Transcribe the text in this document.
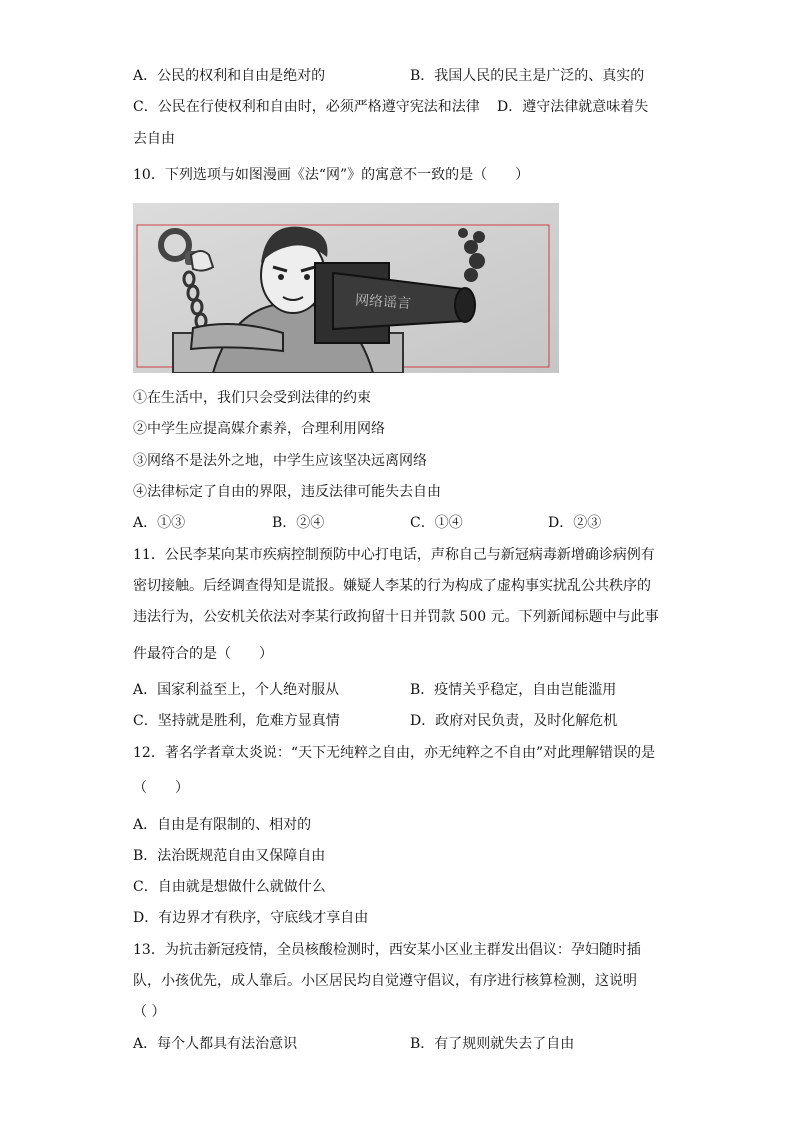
A．公民的权利和自由是绝对的	B．我国人民的民主是广泛的、真实的
C．公民在行使权利和自由时，必须严格遵守宪法和法律 D．遵守法律就意味着失
去自由
10．下列选项与如图漫画《法“网”》的寓意不一致的是（　　）
网络谣言
①在生活中，我们只会受到法律的约束
②中学生应提高媒介素养，合理利用网络
③网络不是法外之地，中学生应该坚决远离网络
④法律标定了自由的界限，违反法律可能失去自由
A．①③	B．②④	C．①④	D．②③
11．公民李某向某市疾病控制预防中心打电话，声称自己与新冠病毒新增确诊病例有
密切接触。后经调查得知是谎报。嫌疑人李某的行为构成了虚构事实扰乱公共秩序的
违法行为，公安机关依法对李某行政拘留十日并罚款 500 元。下列新闻标题中与此事
件最符合的是（　　）
A．国家利益至上，个人绝对服从	B．疫情关乎稳定，自由岂能滥用
C．坚持就是胜利，危难方显真情	D．政府对民负责，及时化解危机
12．著名学者章太炎说：“天下无纯粹之自由，亦无纯粹之不自由”对此理解错误的是
（　　）
A．自由是有限制的、相对的
B．法治既规范自由又保障自由
C．自由就是想做什么就做什么
D．有边界才有秩序，守底线才享自由
13．为抗击新冠疫情，全员核酸检测时，西安某小区业主群发出倡议：孕妇随时插
队，小孩优先，成人靠后。小区居民均自觉遵守倡议，有序进行核算检测，这说明
（ ）
A．每个人都具有法治意识	B．有了规则就失去了自由
